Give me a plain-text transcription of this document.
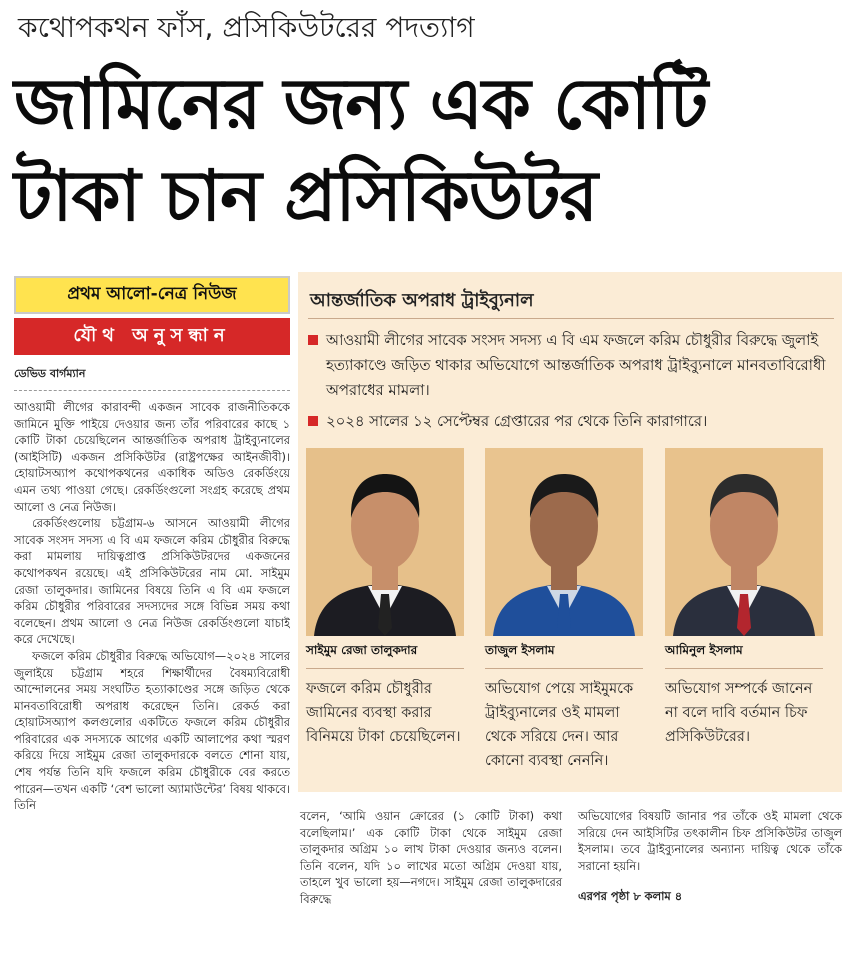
কথোপকথন ফাঁস, প্রসিকিউটরের পদত্যাগ
জামিনের জন্য এক কোটি
টাকা চান প্রসিকিউটর
প্রথম আলো-নেত্র নিউজ
যৌথ অনুসন্ধান
ডেভিড বার্গম্যান

আওয়ামী লীগের কারাবন্দী একজন সাবেক রাজনীতিককে জামিনে মুক্তি পাইয়ে দেওয়ার জন্য তাঁর পরিবারের কাছে ১ কোটি টাকা চেয়েছিলেন আন্তর্জাতিক অপরাধ ট্রাইব্যুনালের (আইসিটি) একজন প্রসিকিউটর (রাষ্ট্রপক্ষের আইনজীবী)। হোয়াটসঅ্যাপ কথোপকথনের একাধিক অডিও রেকর্ডিংয়ে এমন তথ্য পাওয়া গেছে। রেকর্ডিংগুলো সংগ্রহ করেছে প্রথম আলো ও নেত্র নিউজ।

রেকর্ডিংগুলোয় চট্টগ্রাম-৬ আসনে আওয়ামী লীগের সাবেক সংসদ সদস্য এ বি এম ফজলে করিম চৌধুরীর বিরুদ্ধে করা মামলায় দায়িত্বপ্রাপ্ত প্রসিকিউটরদের একজনের কথোপকথন রয়েছে। এই প্রসিকিউটরের নাম মো. সাইমুম রেজা তালুকদার। জামিনের বিষয়ে তিনি এ বি এম ফজলে করিম চৌধুরীর পরিবারের সদস্যদের সঙ্গে বিভিন্ন সময় কথা বলেছেন। প্রথম আলো ও নেত্র নিউজ রেকর্ডিংগুলো যাচাই করে দেখেছে।

ফজলে করিম চৌধুরীর বিরুদ্ধে অভিযোগ—২০২৪ সালের জুলাইয়ে চট্টগ্রাম শহরে শিক্ষার্থীদের বৈষম্যবিরোধী আন্দোলনের সময় সংঘটিত হত্যাকাণ্ডের সঙ্গে জড়িত থেকে মানবতাবিরোধী অপরাধ করেছেন তিনি। রেকর্ড করা হোয়াটসঅ্যাপ কলগুলোর একটিতে ফজলে করিম চৌধুরীর পরিবারের এক সদস্যকে আগের একটি আলাপের কথা স্মরণ করিয়ে দিয়ে সাইমুম রেজা তালুকদারকে বলতে শোনা যায়, শেষ পর্যন্ত তিনি যদি ফজলে করিম চৌধুরীকে বের করতে পারেন—তখন একটি ‘বেশ ভালো অ্যামাউন্টের’ বিষয় থাকবে। তিনি

আন্তর্জাতিক অপরাধ ট্রাইব্যুনাল
আওয়ামী লীগের সাবেক সংসদ সদস্য এ বি এম ফজলে করিম চৌধুরীর বিরুদ্ধে জুলাই হত্যাকাণ্ডে জড়িত থাকার অভিযোগে আন্তর্জাতিক অপরাধ ট্রাইব্যুনালে মানবতাবিরোধী অপরাধের মামলা।
২০২৪ সালের ১২ সেপ্টেম্বর গ্রেপ্তারের পর থেকে তিনি কারাগারে।
সাইমুম রেজা তালুকদার
ফজলে করিম চৌধুরীর জামিনের ব্যবস্থা করার বিনিময়ে টাকা চেয়েছিলেন।
তাজুল ইসলাম
অভিযোগ পেয়ে সাইমুমকে ট্রাইব্যুনালের ওই মামলা থেকে সরিয়ে দেন। আর কোনো ব্যবস্থা নেননি।
আমিনুল ইসলাম
অভিযোগ সম্পর্কে জানেন না বলে দাবি বর্তমান চিফ প্রসিকিউটরের।
বলেন, ‘আমি ওয়ান ক্রোরের (১ কোটি টাকা) কথা বলেছিলাম।’ এক কোটি টাকা থেকে সাইমুম রেজা তালুকদার অগ্রিম ১০ লাখ টাকা দেওয়ার জন্যও বলেন। তিনি বলেন, যদি ১০ লাখের মতো অগ্রিম দেওয়া যায়, তাহলে খুব ভালো হয়—নগদে। সাইমুম রেজা তালুকদারের বিরুদ্ধে
অভিযোগের বিষয়টি জানার পর তাঁকে ওই মামলা থেকে সরিয়ে দেন আইসিটির তৎকালীন চিফ প্রসিকিউটর তাজুল ইসলাম। তবে ট্রাইব্যুনালের অন্যান্য দায়িত্ব থেকে তাঁকে সরানো হয়নি।
এরপর পৃষ্ঠা ৮ কলাম ৪
